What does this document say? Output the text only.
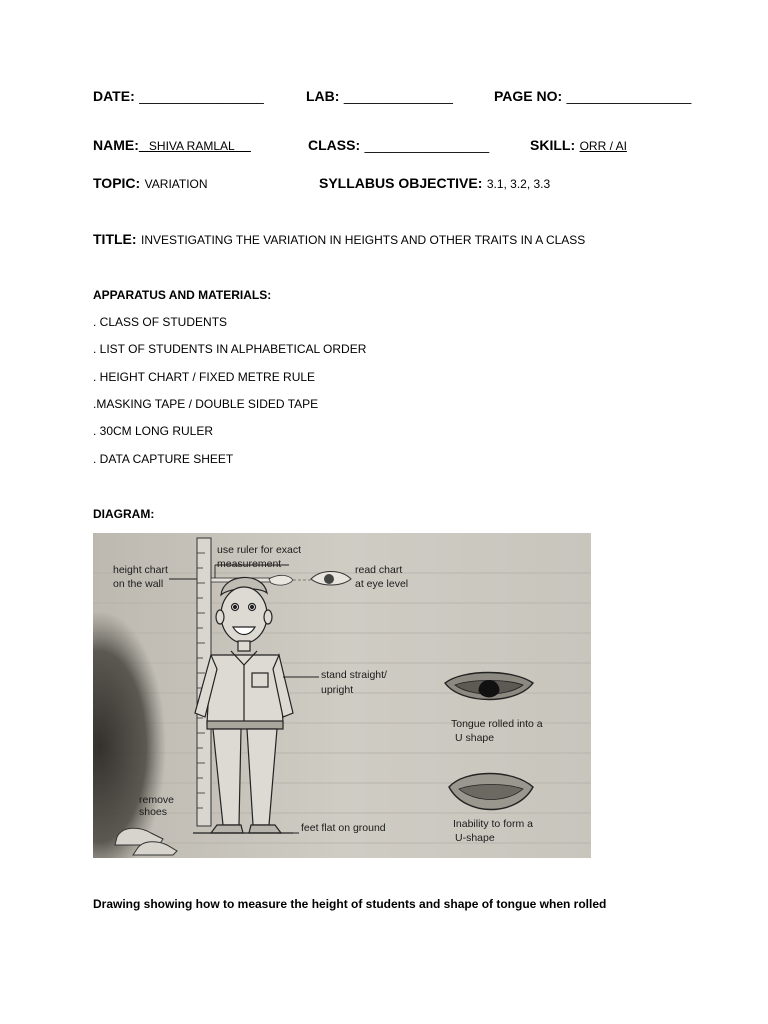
DATE: ________________	LAB: ______________	PAGE NO: ________________
NAME:   SHIVA RAMLAL	CLASS: ________________	SKILL: ORR / AI
TOPIC: VARIATION	SYLLABUS OBJECTIVE: 3.1, 3.2, 3.3
TITLE: INVESTIGATING THE VARIATION IN HEIGHTS AND OTHER TRAITS IN A CLASS
APPARATUS AND MATERIALS:
. CLASS OF STUDENTS
. LIST OF STUDENTS IN ALPHABETICAL ORDER
. HEIGHT CHART / FIXED METRE RULE
.MASKING TAPE / DOUBLE SIDED TAPE
. 30CM LONG RULER
. DATA CAPTURE SHEET
DIAGRAM:
height chart
on the wall
use ruler for exact
measurement	read chart
at eye level
stand straight/
upright
Tongue rolled into a
U shape
remove
shoes
feet flat on ground	Inability to form a
U-shape
Drawing showing how to measure the height of students and shape of tongue when rolled
